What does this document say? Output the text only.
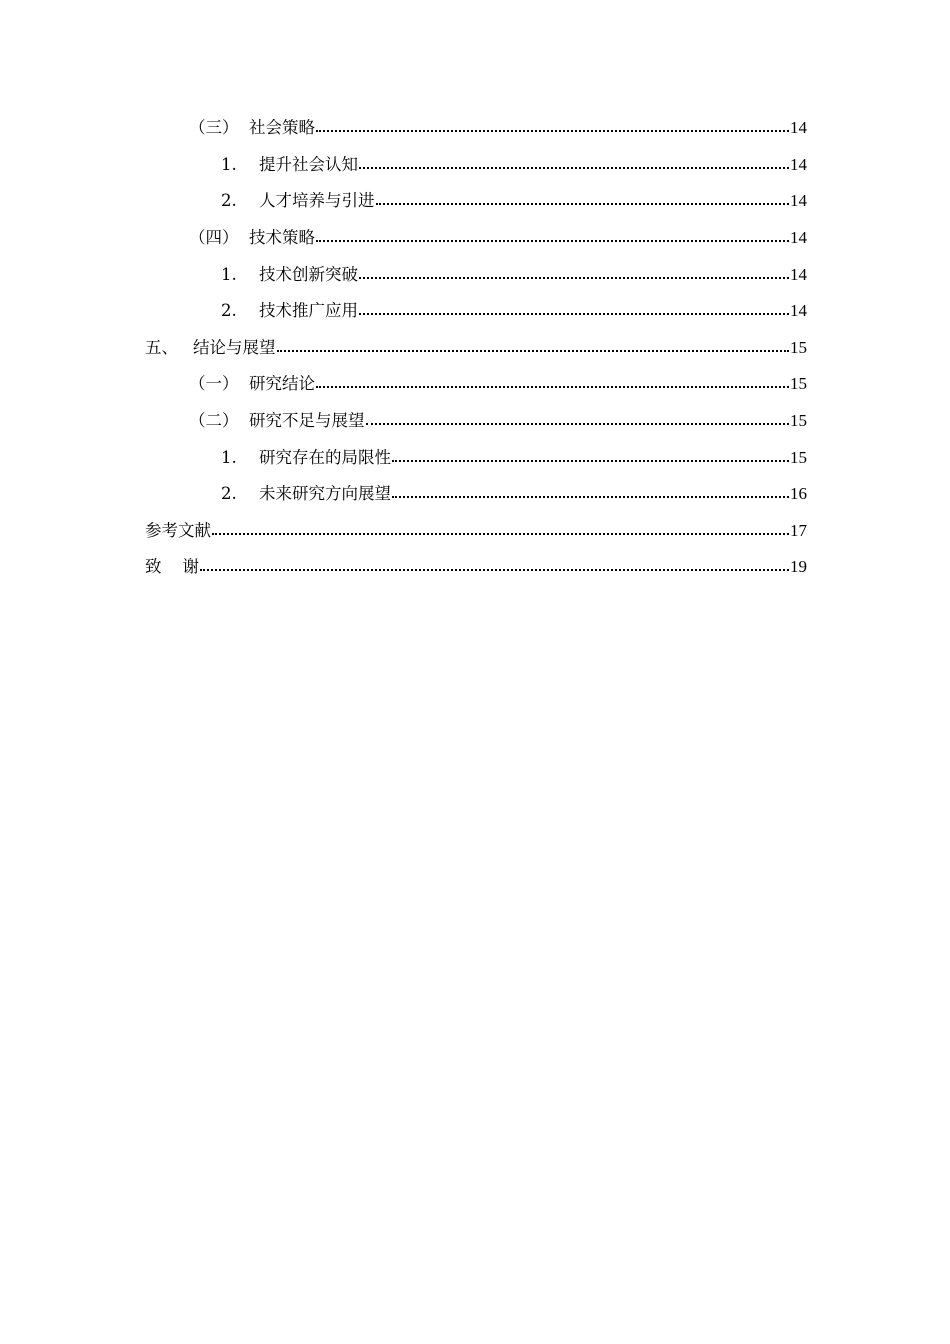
（三） 社会策略	14
1.	提升社会认知	14
2.	人才培养与引进	14
（四） 技术策略	14
1.	技术创新突破	14
2.	技术推广应用	14
五、 结论与展望	15
（一） 研究结论	15
（二） 研究不足与展望	15
1.	研究存在的局限性	15
2.	未来研究方向展望	16
参考文献	17
致    谢	19
